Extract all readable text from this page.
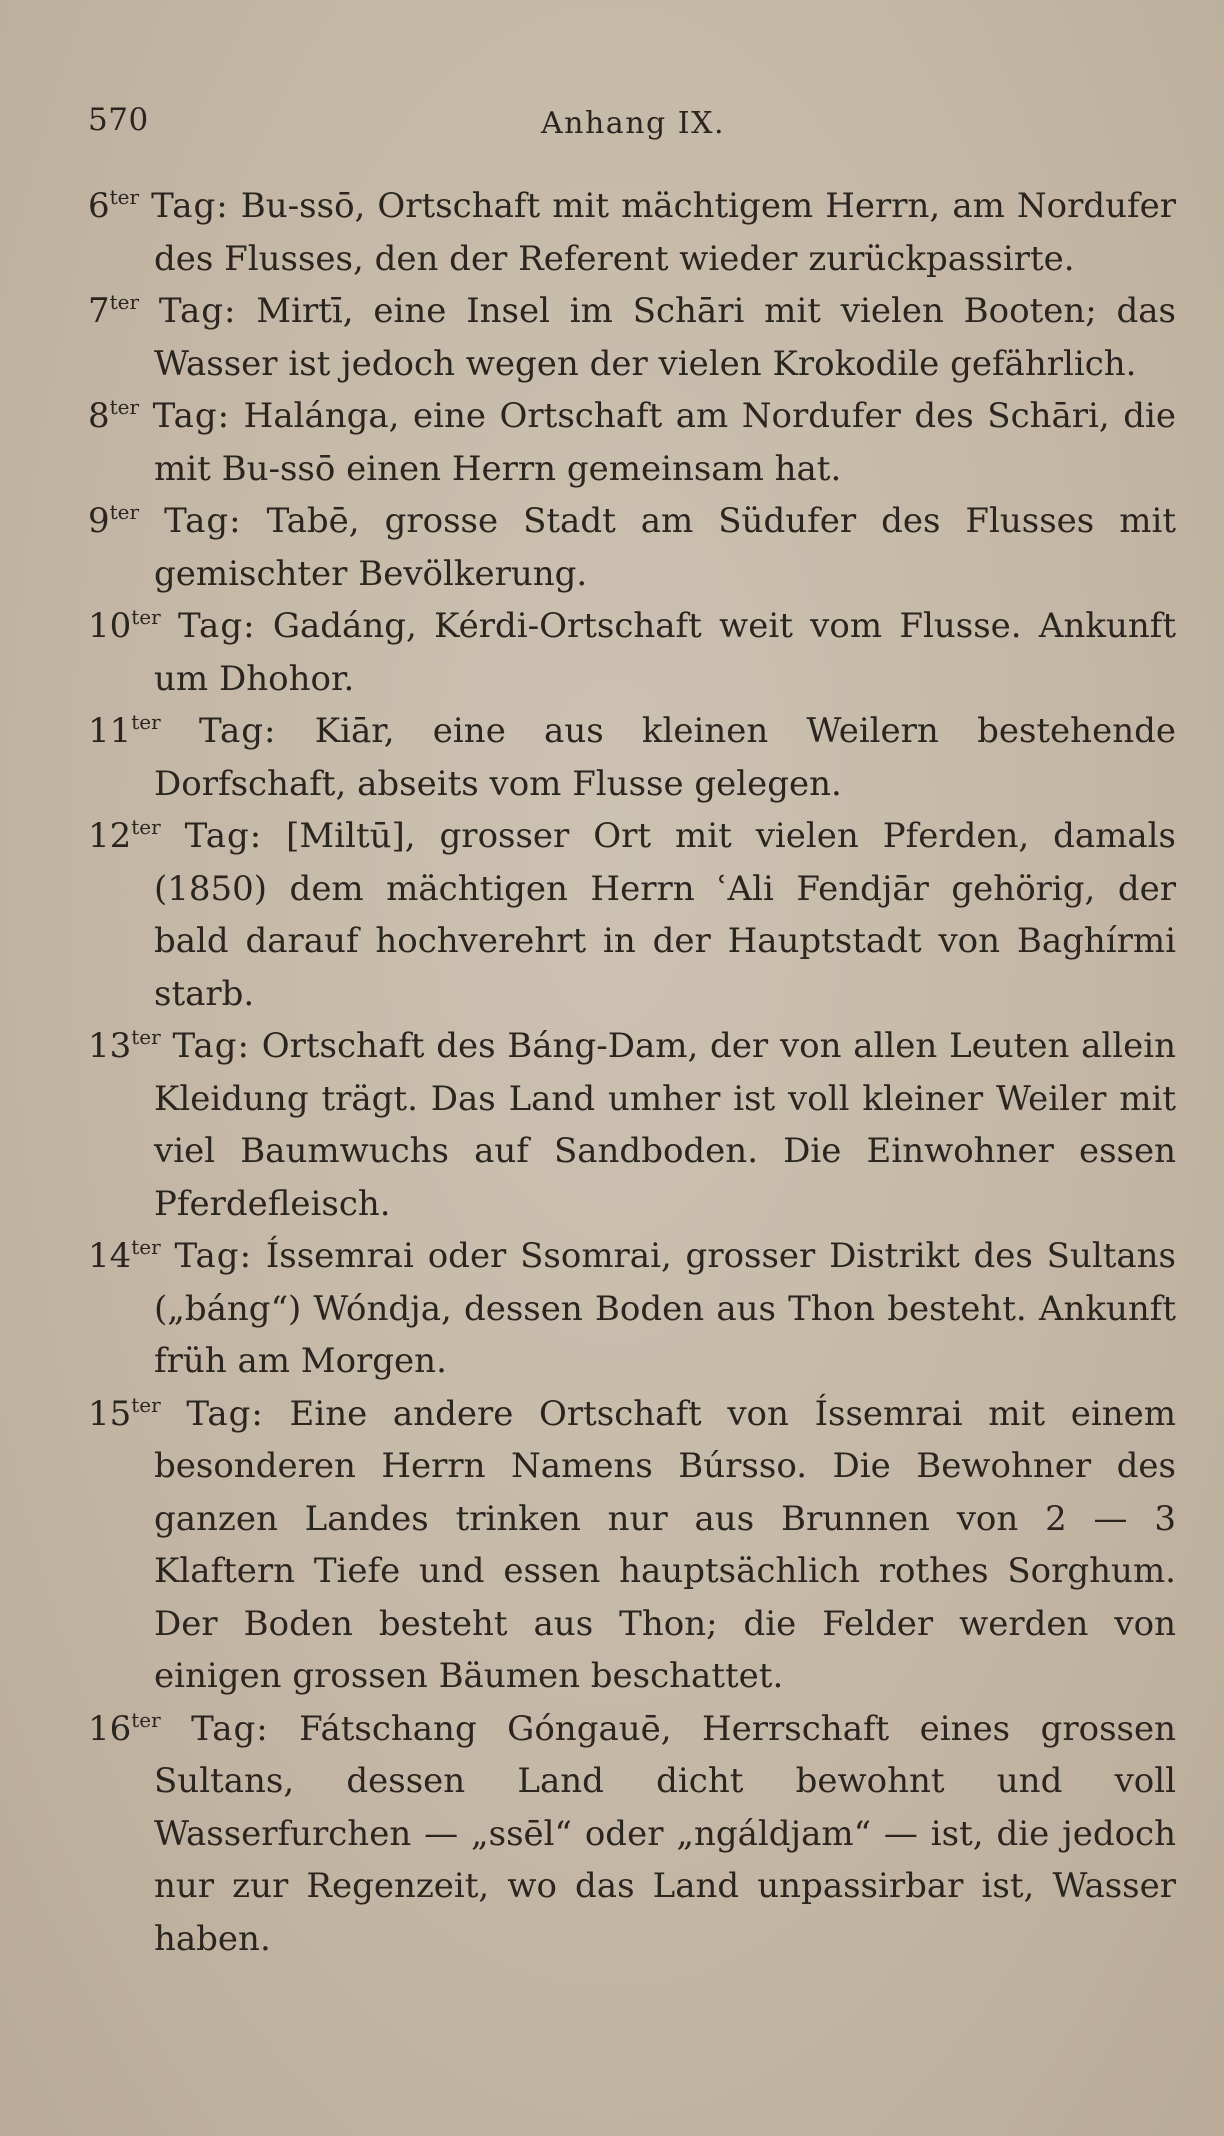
570	Anhang IX.

$6^{ter}$ Tag: Bu-ssō, Ortschaft mit mächtigem Herrn, am Nordufer des Flusses, den der Referent wieder zurückpassirte.

$7^{ter}$ Tag: Mirtī, eine Insel im Schāri mit vielen Booten; das Wasser ist jedoch wegen der vielen Krokodile gefährlich.

$8^{ter}$ Tag: Halánga, eine Ortschaft am Nordufer des Schāri, die mit Bu-ssō einen Herrn gemeinsam hat.

$9^{ter}$ Tag: Tabē, grosse Stadt am Südufer des Flusses mit gemischter Bevölkerung.

$10^{ter}$ Tag: Gadáng, Kérdi-Ortschaft weit vom Flusse. Ankunft um Dhohor.

$11^{ter}$ Tag: Kiār, eine aus kleinen Weilern bestehende Dorfschaft, abseits vom Flusse gelegen.

$12^{ter}$ Tag: [Miltū], grosser Ort mit vielen Pferden, damals (1850) dem mächtigen Herrn ʿAli Fendjār gehörig, der bald darauf hochverehrt in der Hauptstadt von Baghírmi starb.

$13^{ter}$ Tag: Ortschaft des Báng-Dam, der von allen Leuten allein Kleidung trägt. Das Land umher ist voll kleiner Weiler mit viel Baumwuchs auf Sandboden. Die Einwohner essen Pferdefleisch.

$14^{ter}$ Tag: Íssemrai oder Ssomrai, grosser Distrikt des Sultans („báng“) Wóndja, dessen Boden aus Thon besteht. Ankunft früh am Morgen.

$15^{ter}$ Tag: Eine andere Ortschaft von Íssemrai mit einem besonderen Herrn Namens Búrsso. Die Bewohner des ganzen Landes trinken nur aus Brunnen von 2 — 3 Klaftern Tiefe und essen hauptsächlich rothes Sorghum. Der Boden besteht aus Thon; die Felder werden von einigen grossen Bäumen beschattet.

$16^{ter}$ Tag: Fátschang Góngauē, Herrschaft eines grossen Sultans, dessen Land dicht bewohnt und voll Wasserfurchen — „ssēl“ oder „ngáldjam“ — ist, die jedoch nur zur Regenzeit, wo das Land unpassirbar ist, Wasser haben.
